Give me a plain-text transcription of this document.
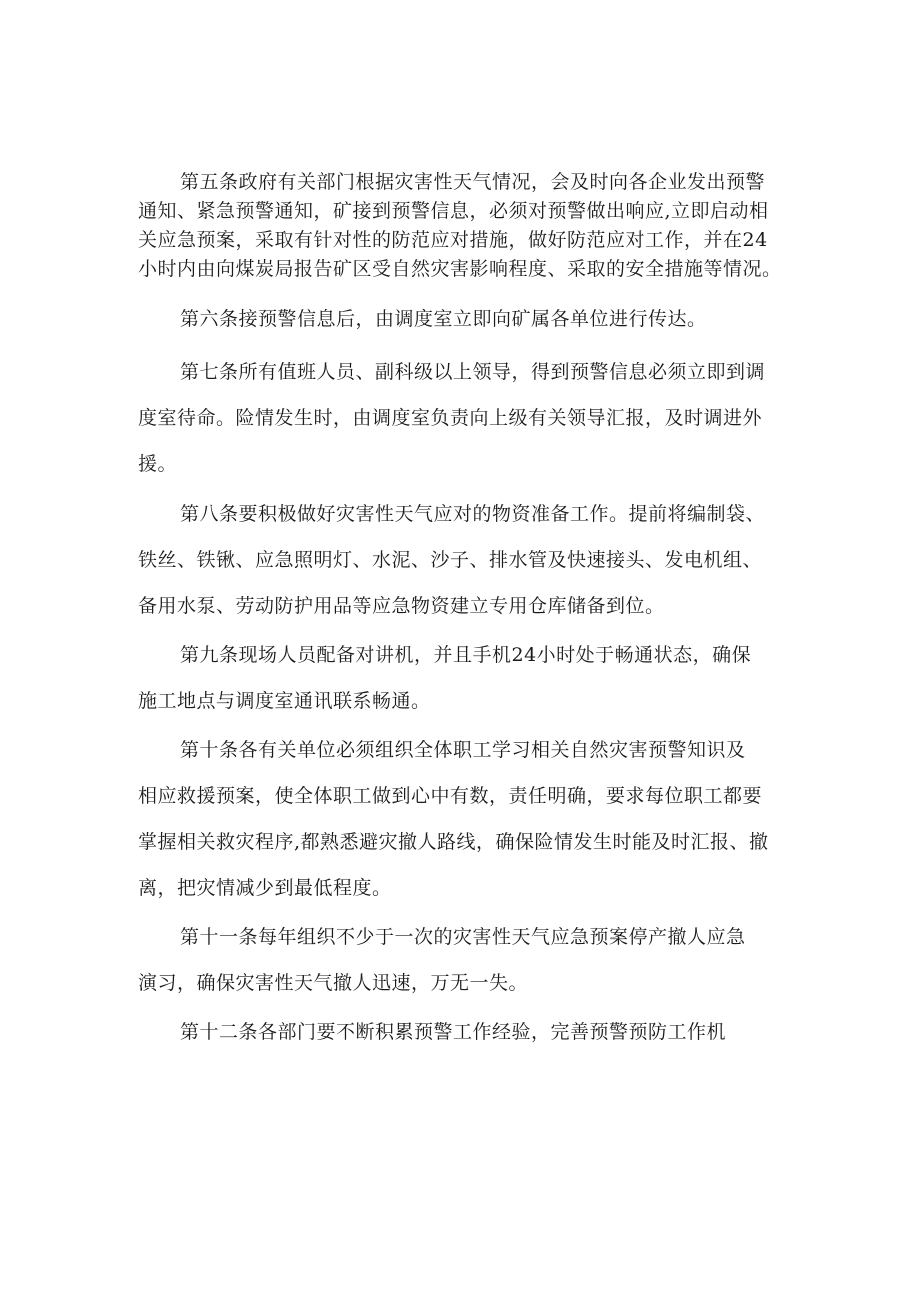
第五条政府有关部门根据灾害性天气情况，会及时向各企业发出预警
通知、紧急预警通知，矿接到预警信息，必须对预警做出响应,立即启动相
关应急预案，采取有针对性的防范应对措施，做好防范应对工作，并在24
小时内由向煤炭局报告矿区受自然灾害影响程度、采取的安全措施等情况。
第六条接预警信息后，由调度室立即向矿属各单位进行传达。
第七条所有值班人员、副科级以上领导，得到预警信息必须立即到调
度室待命。险情发生时，由调度室负责向上级有关领导汇报，及时调进外
援。
第八条要积极做好灾害性天气应对的物资准备工作。提前将编制袋、
铁丝、铁锹、应急照明灯、水泥、沙子、排水管及快速接头、发电机组、
备用水泵、劳动防护用品等应急物资建立专用仓库储备到位。
第九条现场人员配备对讲机，并且手机24小时处于畅通状态，确保
施工地点与调度室通讯联系畅通。
第十条各有关单位必须组织全体职工学习相关自然灾害预警知识及
相应救援预案，使全体职工做到心中有数，责任明确，要求每位职工都要
掌握相关救灾程序,都熟悉避灾撤人路线，确保险情发生时能及时汇报、撤
离，把灾情减少到最低程度。
第十一条每年组织不少于一次的灾害性天气应急预案停产撤人应急
演习，确保灾害性天气撤人迅速，万无一失。
第十二条各部门要不断积累预警工作经验，完善预警预防工作机
